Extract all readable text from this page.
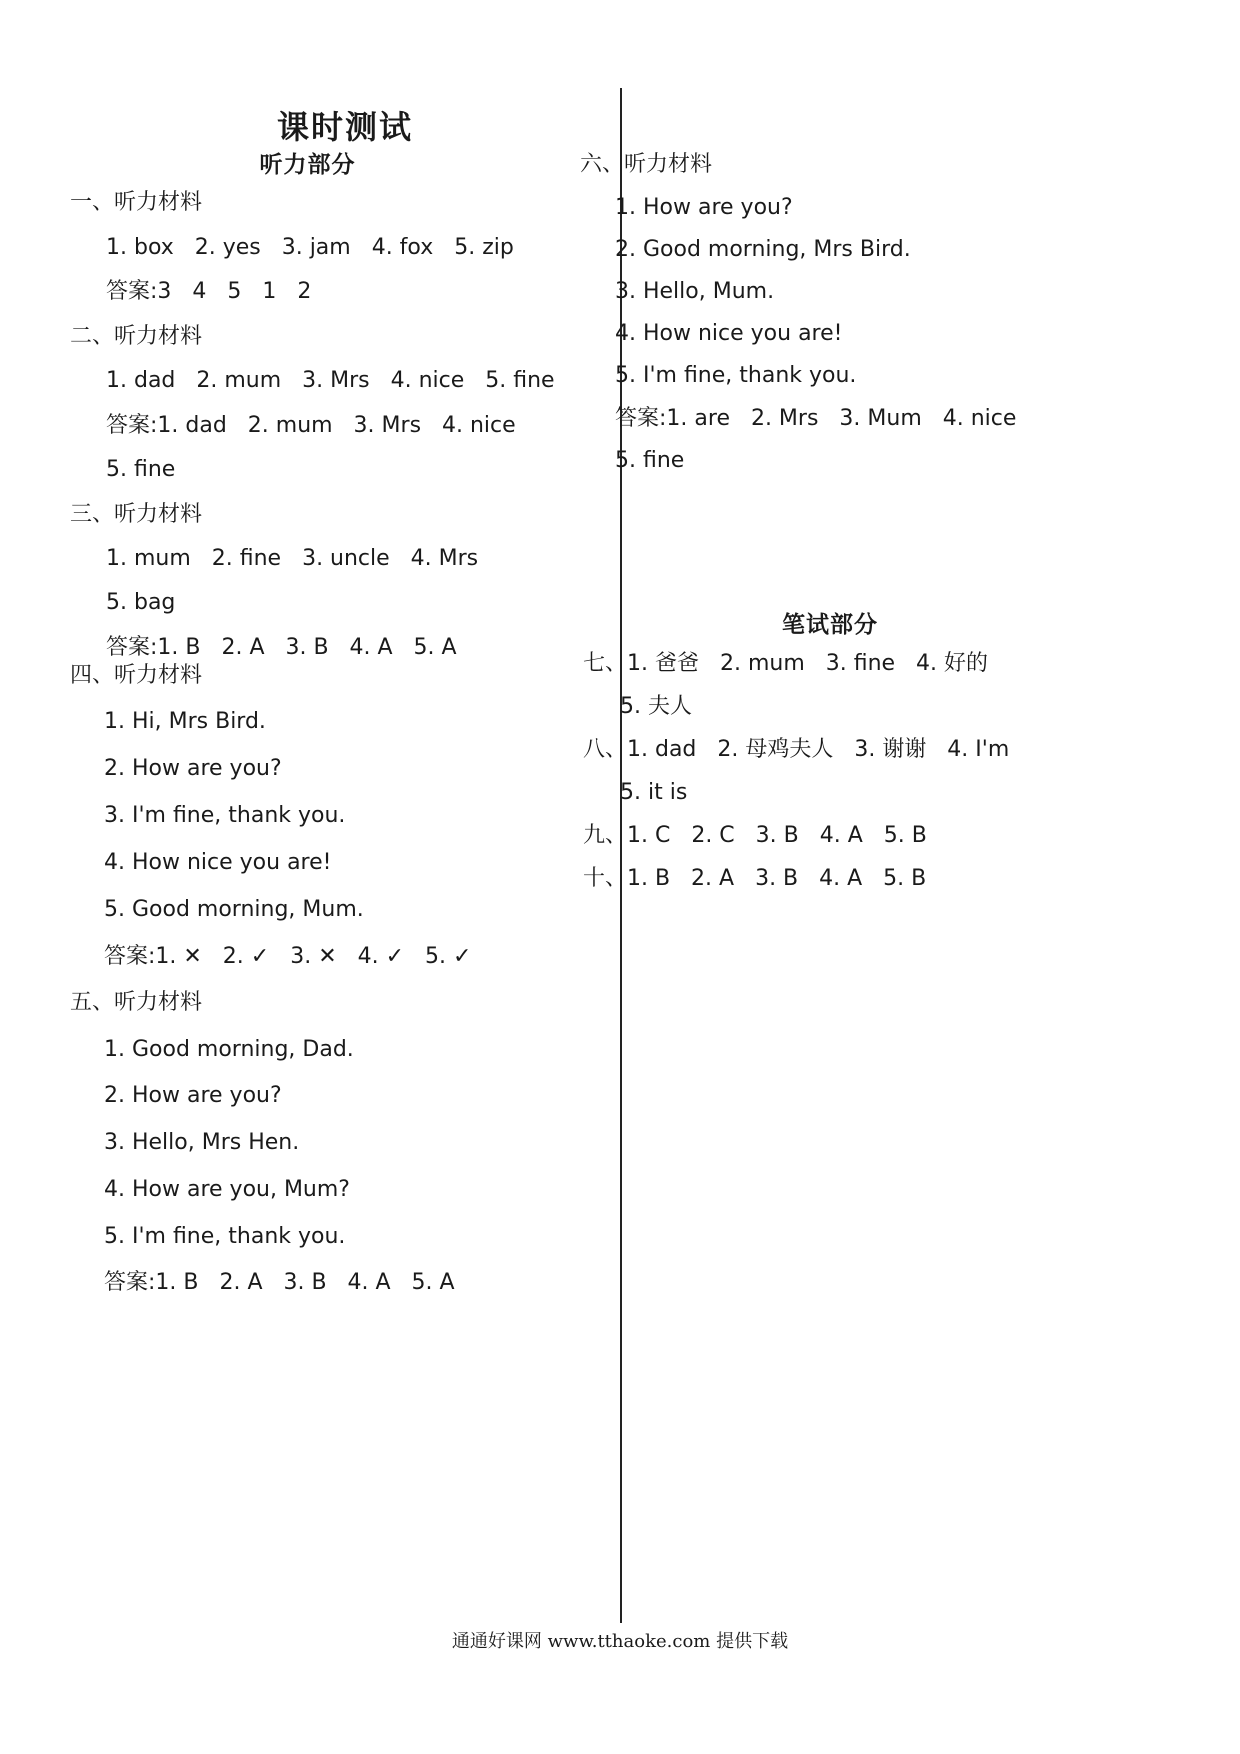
课时测试
听力部分
一、听力材料
1. box   2. yes   3. jam   4. fox   5. zip
答案:3   4   5   1   2
二、听力材料
1. dad   2. mum   3. Mrs   4. nice   5. fine
答案:1. dad   2. mum   3. Mrs   4. nice
5. fine
三、听力材料
1. mum   2. fine   3. uncle   4. Mrs
5. bag
答案:1. B   2. A   3. B   4. A   5. A
四、听力材料
1. Hi, Mrs Bird.
2. How are you?
3. I'm fine, thank you.
4. How nice you are!
5. Good morning, Mum.
答案:1. ✕   2. ✓   3. ✕   4. ✓   5. ✓
五、听力材料
1. Good morning, Dad.
2. How are you?
3. Hello, Mrs Hen.
4. How are you, Mum?
5. I'm fine, thank you.
答案:1. B   2. A   3. B   4. A   5. A
六、听力材料
1. How are you?
2. Good morning, Mrs Bird.
3. Hello, Mum.
4. How nice you are!
5. I'm fine, thank you.
答案:1. are   2. Mrs   3. Mum   4. nice
5. fine
笔试部分
七、1. 爸爸   2. mum   3. fine   4. 好的
5. 夫人
八、1. dad   2. 母鸡夫人   3. 谢谢   4. I'm
5. it is
九、1. C   2. C   3. B   4. A   5. B
十、1. B   2. A   3. B   4. A   5. B
通通好课网 www.tthaoke.com 提供下载
